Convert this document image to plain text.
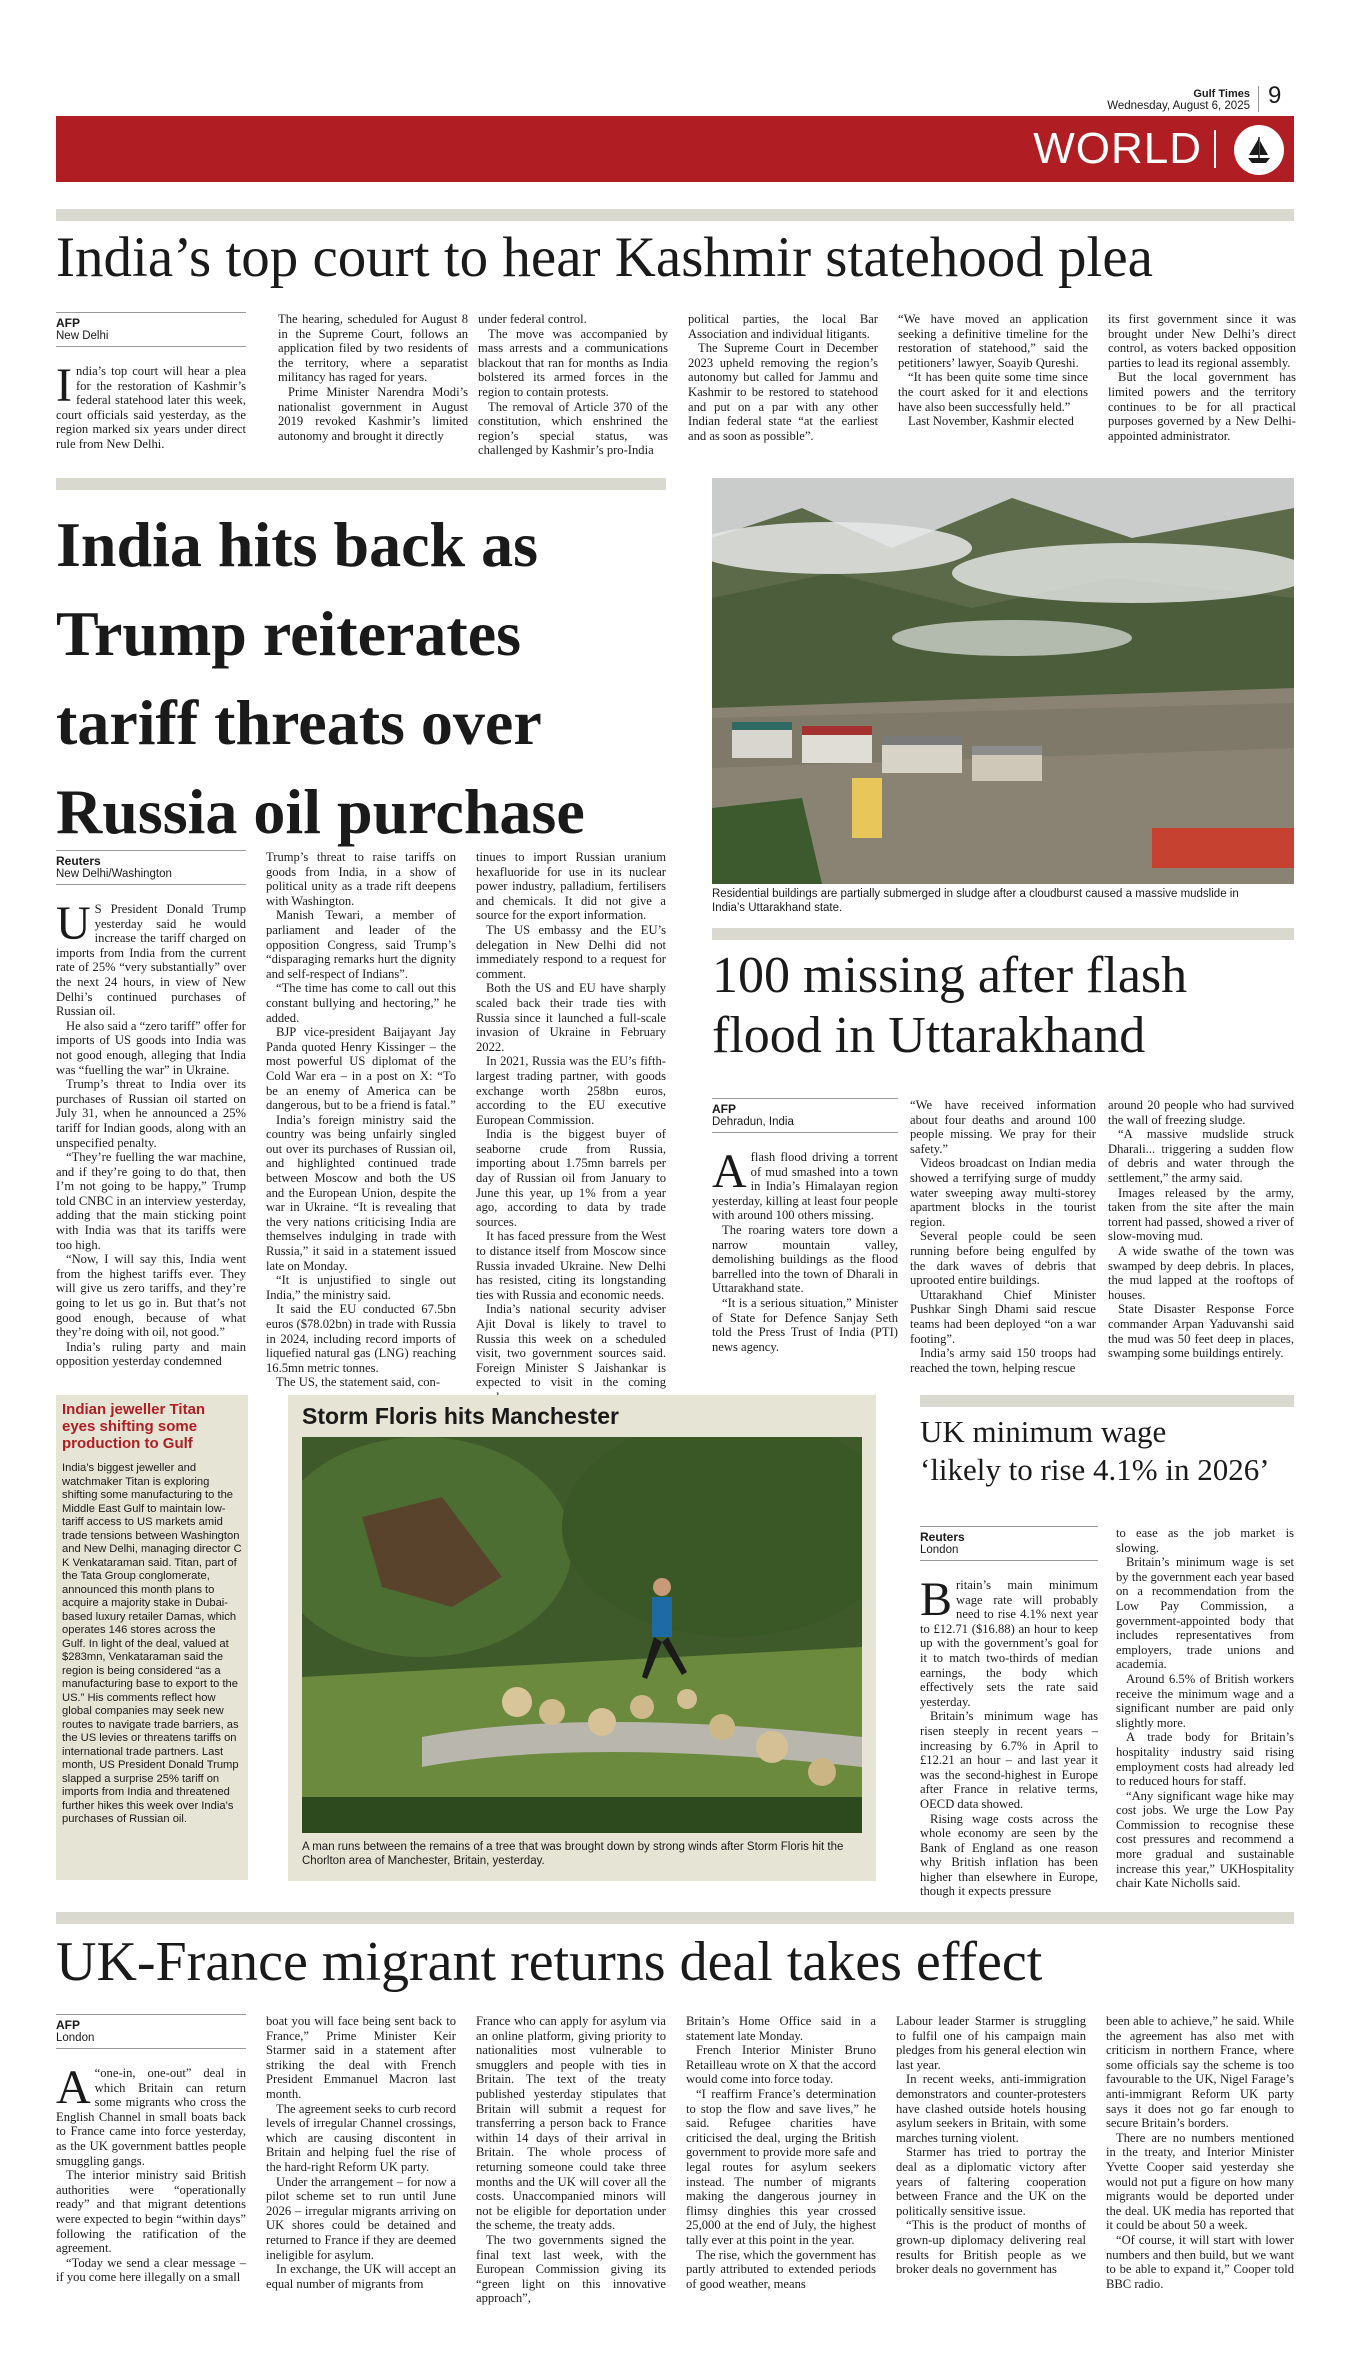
Gulf Times
Wednesday, August 6, 2025 9
WORLD
India’s top court to hear Kashmir statehood plea
AFP
New Delhi

India’s top court will hear a plea for the restoration of Kashmir’s federal statehood later this week, court officials said yesterday, as the region marked six years under direct rule from New Delhi.

The hearing, scheduled for August 8 in the Supreme Court, follows an application filed by two residents of the territory, where a separatist militancy has raged for years.

Prime Minister Narendra Modi’s nationalist government in August 2019 revoked Kashmir’s limited autonomy and brought it directly

under federal control.

The move was accompanied by mass arrests and a communications blackout that ran for months as India bolstered its armed forces in the region to contain protests.

The removal of Article 370 of the constitution, which enshrined the region’s special status, was challenged by Kashmir’s pro-India

political parties, the local Bar Association and individual litigants.

The Supreme Court in December 2023 upheld removing the region’s autonomy but called for Jammu and Kashmir to be restored to statehood and put on a par with any other Indian federal state “at the earliest and as soon as possible”.

“We have moved an application seeking a definitive timeline for the restoration of statehood,” said the petitioners’ lawyer, Soayib Qureshi.

“It has been quite some time since the court asked for it and elections have also been successfully held.”

Last November, Kashmir elected

its first government since it was brought under New Delhi’s direct control, as voters backed opposition parties to lead its regional assembly.

But the local government has limited powers and the territory continues to be for all practical purposes governed by a New Delhi-appointed administrator.

India hits back as Trump reiterates tariff threats over Russia oil purchase
Reuters
New Delhi/Washington

U S President Donald Trump yesterday said he would increase the tariff charged on imports from India from the current rate of 25% “very substantially” over the next 24 hours, in view of New Delhi’s continued purchases of Russian oil.

He also said a “zero tariff” offer for imports of US goods into India was not good enough, alleging that India was “fuelling the war” in Ukraine.

Trump’s threat to India over its purchases of Russian oil started on July 31, when he announced a 25% tariff for Indian goods, along with an unspecified penalty.

“They’re fuelling the war machine, and if they’re going to do that, then I’m not going to be happy,” Trump told CNBC in an interview yesterday, adding that the main sticking point with India was that its tariffs were too high.

“Now, I will say this, India went from the highest tariffs ever. They will give us zero tariffs, and they’re going to let us go in. But that’s not good enough, because of what they’re doing with oil, not good.”

India’s ruling party and main opposition yesterday condemned

Trump’s threat to raise tariffs on goods from India, in a show of political unity as a trade rift deepens with Washington.

Manish Tewari, a member of parliament and leader of the opposition Congress, said Trump’s “disparaging remarks hurt the dignity and self-respect of Indians”.

“The time has come to call out this constant bullying and hectoring,” he added.

BJP vice-president Baijayant Jay Panda quoted Henry Kissinger – the most powerful US diplomat of the Cold War era – in a post on X: “To be an enemy of America can be dangerous, but to be a friend is fatal.”

India’s foreign ministry said the country was being unfairly singled out over its purchases of Russian oil, and highlighted continued trade between Moscow and both the US and the European Union, despite the war in Ukraine. “It is revealing that the very nations criticising India are themselves indulging in trade with Russia,” it said in a statement issued late on Monday.

“It is unjustified to single out India,” the ministry said.

It said the EU conducted 67.5bn euros ($78.02bn) in trade with Russia in 2024, including record imports of liquefied natural gas (LNG) reaching 16.5mn metric tonnes.

The US, the statement said, con-

tinues to import Russian uranium hexafluoride for use in its nuclear power industry, palladium, fertilisers and chemicals. It did not give a source for the export information.

The US embassy and the EU’s delegation in New Delhi did not immediately respond to a request for comment.

Both the US and EU have sharply scaled back their trade ties with Russia since it launched a full-scale invasion of Ukraine in February 2022.

In 2021, Russia was the EU’s fifth-largest trading partner, with goods exchange worth 258bn euros, according to the EU executive European Commission.

India is the biggest buyer of seaborne crude from Russia, importing about 1.75mn barrels per day of Russian oil from January to June this year, up 1% from a year ago, according to data by trade sources.

It has faced pressure from the West to distance itself from Moscow since Russia invaded Ukraine. New Delhi has resisted, citing its longstanding ties with Russia and economic needs.

India’s national security adviser Ajit Doval is likely to travel to Russia this week on a scheduled visit, two government sources said. Foreign Minister S Jaishankar is expected to visit in the coming

Residential buildings are partially submerged in sludge after a cloudburst caused a massive mudslide in India’s Uttarakhand state.
100 missing after flash flood in Uttarakhand
AFP
Dehradun, India

A flash flood driving a torrent of mud smashed into a town in India’s Himalayan region yesterday, killing at least four people with around 100 others missing.

The roaring waters tore down a narrow mountain valley, demolishing buildings as the flood barrelled into the town of Dharali in Uttarakhand state.

“It is a serious situation,” Minister of State for Defence Sanjay Seth told the Press Trust of India (PTI) news agency.

“We have received information about four deaths and around 100 people missing. We pray for their safety.”

Videos broadcast on Indian media showed a terrifying surge of muddy water sweeping away multi-storey apartment blocks in the tourist region.

Several people could be seen running before being engulfed by the dark waves of debris that uprooted entire buildings.

Uttarakhand Chief Minister Pushkar Singh Dhami said rescue teams had been deployed “on a war footing”.

India’s army said 150 troops had reached the town, helping rescue

around 20 people who had survived the wall of freezing sludge.

“A massive mudslide struck Dharali... triggering a sudden flow of debris and water through the settlement,” the army said.

Images released by the army, taken from the site after the main torrent had passed, showed a river of slow-moving mud.

A wide swathe of the town was swamped by deep debris. In places, the mud lapped at the rooftops of houses.

State Disaster Response Force commander Arpan Yaduvanshi said the mud was 50 feet deep in places, swamping some buildings entirely.

Indian jeweller Titan eyes shifting some production to Gulf
India’s biggest jeweller and watchmaker Titan is exploring shifting some manufacturing to the Middle East Gulf to maintain low-tariff access to US markets amid trade tensions between Washington and New Delhi, managing director C K Venkataraman said. Titan, part of the Tata Group conglomerate, announced this month plans to acquire a majority stake in Dubai-based luxury retailer Damas, which operates 146 stores across the Gulf. In light of the deal, valued at $283mn, Venkataraman said the region is being considered “as a manufacturing base to export to the US.” His comments reflect how global companies may seek new routes to navigate trade barriers, as the US levies or threatens tariffs on international trade partners. Last month, US President Donald Trump slapped a surprise 25% tariff on imports from India and threatened further hikes this week over India’s purchases of Russian oil.
Storm Floris hits Manchester
A man runs between the remains of a tree that was brought down by strong winds after Storm Floris hit the Chorlton area of Manchester, Britain, yesterday.
UK minimum wage
‘likely to rise 4.1% in 2026’
Reuters
London

Britain’s main minimum wage rate will probably need to rise 4.1% next year to £12.71 ($16.88) an hour to keep up with the government’s goal for it to match two-thirds of median earnings, the body which effectively sets the rate said yesterday.

Britain’s minimum wage has risen steeply in recent years – increasing by 6.7% in April to £12.21 an hour – and last year it was the second-highest in Europe after France in relative terms, OECD data showed.

Rising wage costs across the whole economy are seen by the Bank of England as one reason why British inflation has been higher than elsewhere in Europe, though it expects pressure

to ease as the job market is slowing.

Britain’s minimum wage is set by the government each year based on a recommendation from the Low Pay Commission, a government-appointed body that includes representatives from employers, trade unions and academia.

Around 6.5% of British workers receive the minimum wage and a significant number are paid only slightly more.

A trade body for Britain’s hospitality industry said rising employment costs had already led to reduced hours for staff.

“Any significant wage hike may cost jobs. We urge the Low Pay Commission to recognise these cost pressures and recommend a more gradual and sustainable increase this year,” UKHospitality chair Kate Nicholls said.

UK-France migrant returns deal takes effect
AFP
London

A “one-in, one-out” deal in which Britain can return some migrants who cross the English Channel in small boats back to France came into force yesterday, as the UK government battles people smuggling gangs.

The interior ministry said British authorities were “operationally ready” and that migrant detentions were expected to begin “within days” following the ratification of the agreement.

“Today we send a clear message – if you come here illegally on a small

boat you will face being sent back to France,” Prime Minister Keir Starmer said in a statement after striking the deal with French President Emmanuel Macron last month.

The agreement seeks to curb record levels of irregular Channel crossings, which are causing discontent in Britain and helping fuel the rise of the hard-right Reform UK party.

Under the arrangement – for now a pilot scheme set to run until June 2026 – irregular migrants arriving on UK shores could be detained and returned to France if they are deemed ineligible for asylum.

In exchange, the UK will accept an equal number of migrants from

France who can apply for asylum via an online platform, giving priority to nationalities most vulnerable to smugglers and people with ties in Britain. The text of the treaty published yesterday stipulates that Britain will submit a request for transferring a person back to France within 14 days of their arrival in Britain. The whole process of returning someone could take three months and the UK will cover all the costs. Unaccompanied minors will not be eligible for deportation under the scheme, the treaty adds.

The two governments signed the final text last week, with the European Commission giving its “green light on this innovative approach”,

Britain’s Home Office said in a statement late Monday.

French Interior Minister Bruno Retailleau wrote on X that the accord would come into force today.

“I reaffirm France’s determination to stop the flow and save lives,” he said. Refugee charities have criticised the deal, urging the British government to provide more safe and legal routes for asylum seekers instead. The number of migrants making the dangerous journey in flimsy dinghies this year crossed 25,000 at the end of July, the highest tally ever at this point in the year.

The rise, which the government has partly attributed to extended periods of good weather, means

Labour leader Starmer is struggling to fulfil one of his campaign main pledges from his general election win last year.

In recent weeks, anti-immigration demonstrators and counter-protesters have clashed outside hotels housing asylum seekers in Britain, with some marches turning violent.

Starmer has tried to portray the deal as a diplomatic victory after years of faltering cooperation between France and the UK on the politically sensitive issue.

“This is the product of months of grown-up diplomacy delivering real results for British people as we broker deals no government has

been able to achieve,” he said. While the agreement has also met with criticism in northern France, where some officials say the scheme is too favourable to the UK, Nigel Farage’s anti-immigrant Reform UK party says it does not go far enough to secure Britain’s borders.

There are no numbers mentioned in the treaty, and Interior Minister Yvette Cooper said yesterday she would not put a figure on how many migrants would be deported under the deal. UK media has reported that it could be about 50 a week.

“Of course, it will start with lower numbers and then build, but we want to be able to expand it,” Cooper told BBC radio.
